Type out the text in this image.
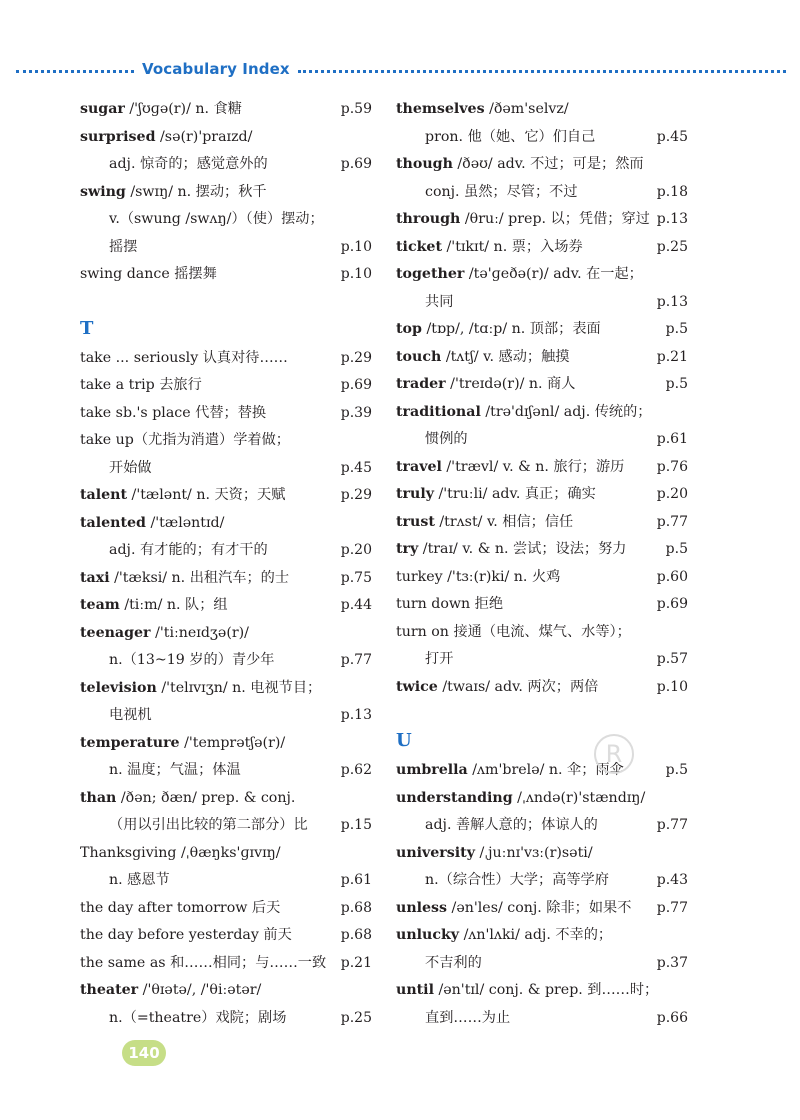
Vocabulary Index
sugar /'ʃʊɡə(r)/ n. 食糖	p.59
surprised /sə(r)'praɪzd/
adj. 惊奇的；感觉意外的	p.69
swing /swɪŋ/ n. 摆动；秋千
v.（swung /swʌŋ/）（使）摆动；
摇摆	p.10
swing dance 摇摆舞	p.10
T
take ... seriously 认真对待……	p.29
take a trip 去旅行	p.69
take sb.'s place 代替；替换	p.39
take up（尤指为消遣）学着做；
开始做	p.45
talent /'tælənt/ n. 天资；天赋	p.29
talented /'tæləntɪd/
adj. 有才能的；有才干的	p.20
taxi /'tæksi/ n. 出租汽车；的士	p.75
team /tiːm/ n. 队；组	p.44
teenager /'tiːneɪdʒə(r)/
n.（13~19 岁的）青少年	p.77
television /'telɪvɪʒn/ n. 电视节目；
电视机	p.13
temperature /'temprətʃə(r)/
n. 温度；气温；体温	p.62
than /ðən; ðæn/ prep. & conj.
（用以引出比较的第二部分）比 p.15
Thanksgiving /ˌθæŋks'ɡɪvɪŋ/
n. 感恩节	p.61
the day after tomorrow 后天	p.68
the day before yesterday 前天	p.68
the same as 和……相同；与……一致 p.21
theater /'θɪətə/, /'θiːətər/
n.（=theatre）戏院；剧场	p.25
themselves /ðəm'selvz/
pron. 他（她、它）们自己	p.45
though /ðəʊ/ adv. 不过；可是；然而
conj. 虽然；尽管；不过	p.18
through /θruː/ prep. 以；凭借；穿过 p.13
ticket /'tɪkɪt/ n. 票；入场券	p.25
together /tə'ɡeðə(r)/ adv. 在一起；
共同	p.13
top /tɒp/, /tɑːp/ n. 顶部；表面	p.5
touch /tʌtʃ/ v. 感动；触摸	p.21
trader /'treɪdə(r)/ n. 商人	p.5
traditional /trə'dɪʃənl/ adj. 传统的；
惯例的	p.61
travel /'trævl/ v. & n. 旅行；游历 p.76
truly /'truːli/ adv. 真正；确实	p.20
trust /trʌst/ v. 相信；信任	p.77
try /traɪ/ v. & n. 尝试；设法；努力	p.5
turkey /'tɜː(r)ki/ n. 火鸡	p.60
turn down 拒绝	p.69
turn on 接通（电流、煤气、水等）；
打开	p.57
twice /twaɪs/ adv. 两次；两倍	p.10
U
umbrella /ʌm'brelə/ n. 伞；雨伞	p.5
understanding /ˌʌndə(r)'stændɪŋ/
adj. 善解人意的；体谅人的	p.77
university /ˌjuːnɪ'vɜː(r)səti/
n.（综合性）大学；高等学府	p.43
unless /ən'les/ conj. 除非；如果不 p.77
unlucky /ʌn'lʌki/ adj. 不幸的；
不吉利的	p.37
until /ən'tɪl/ conj. & prep. 到……时；
直到……为止	p.66
R
140
